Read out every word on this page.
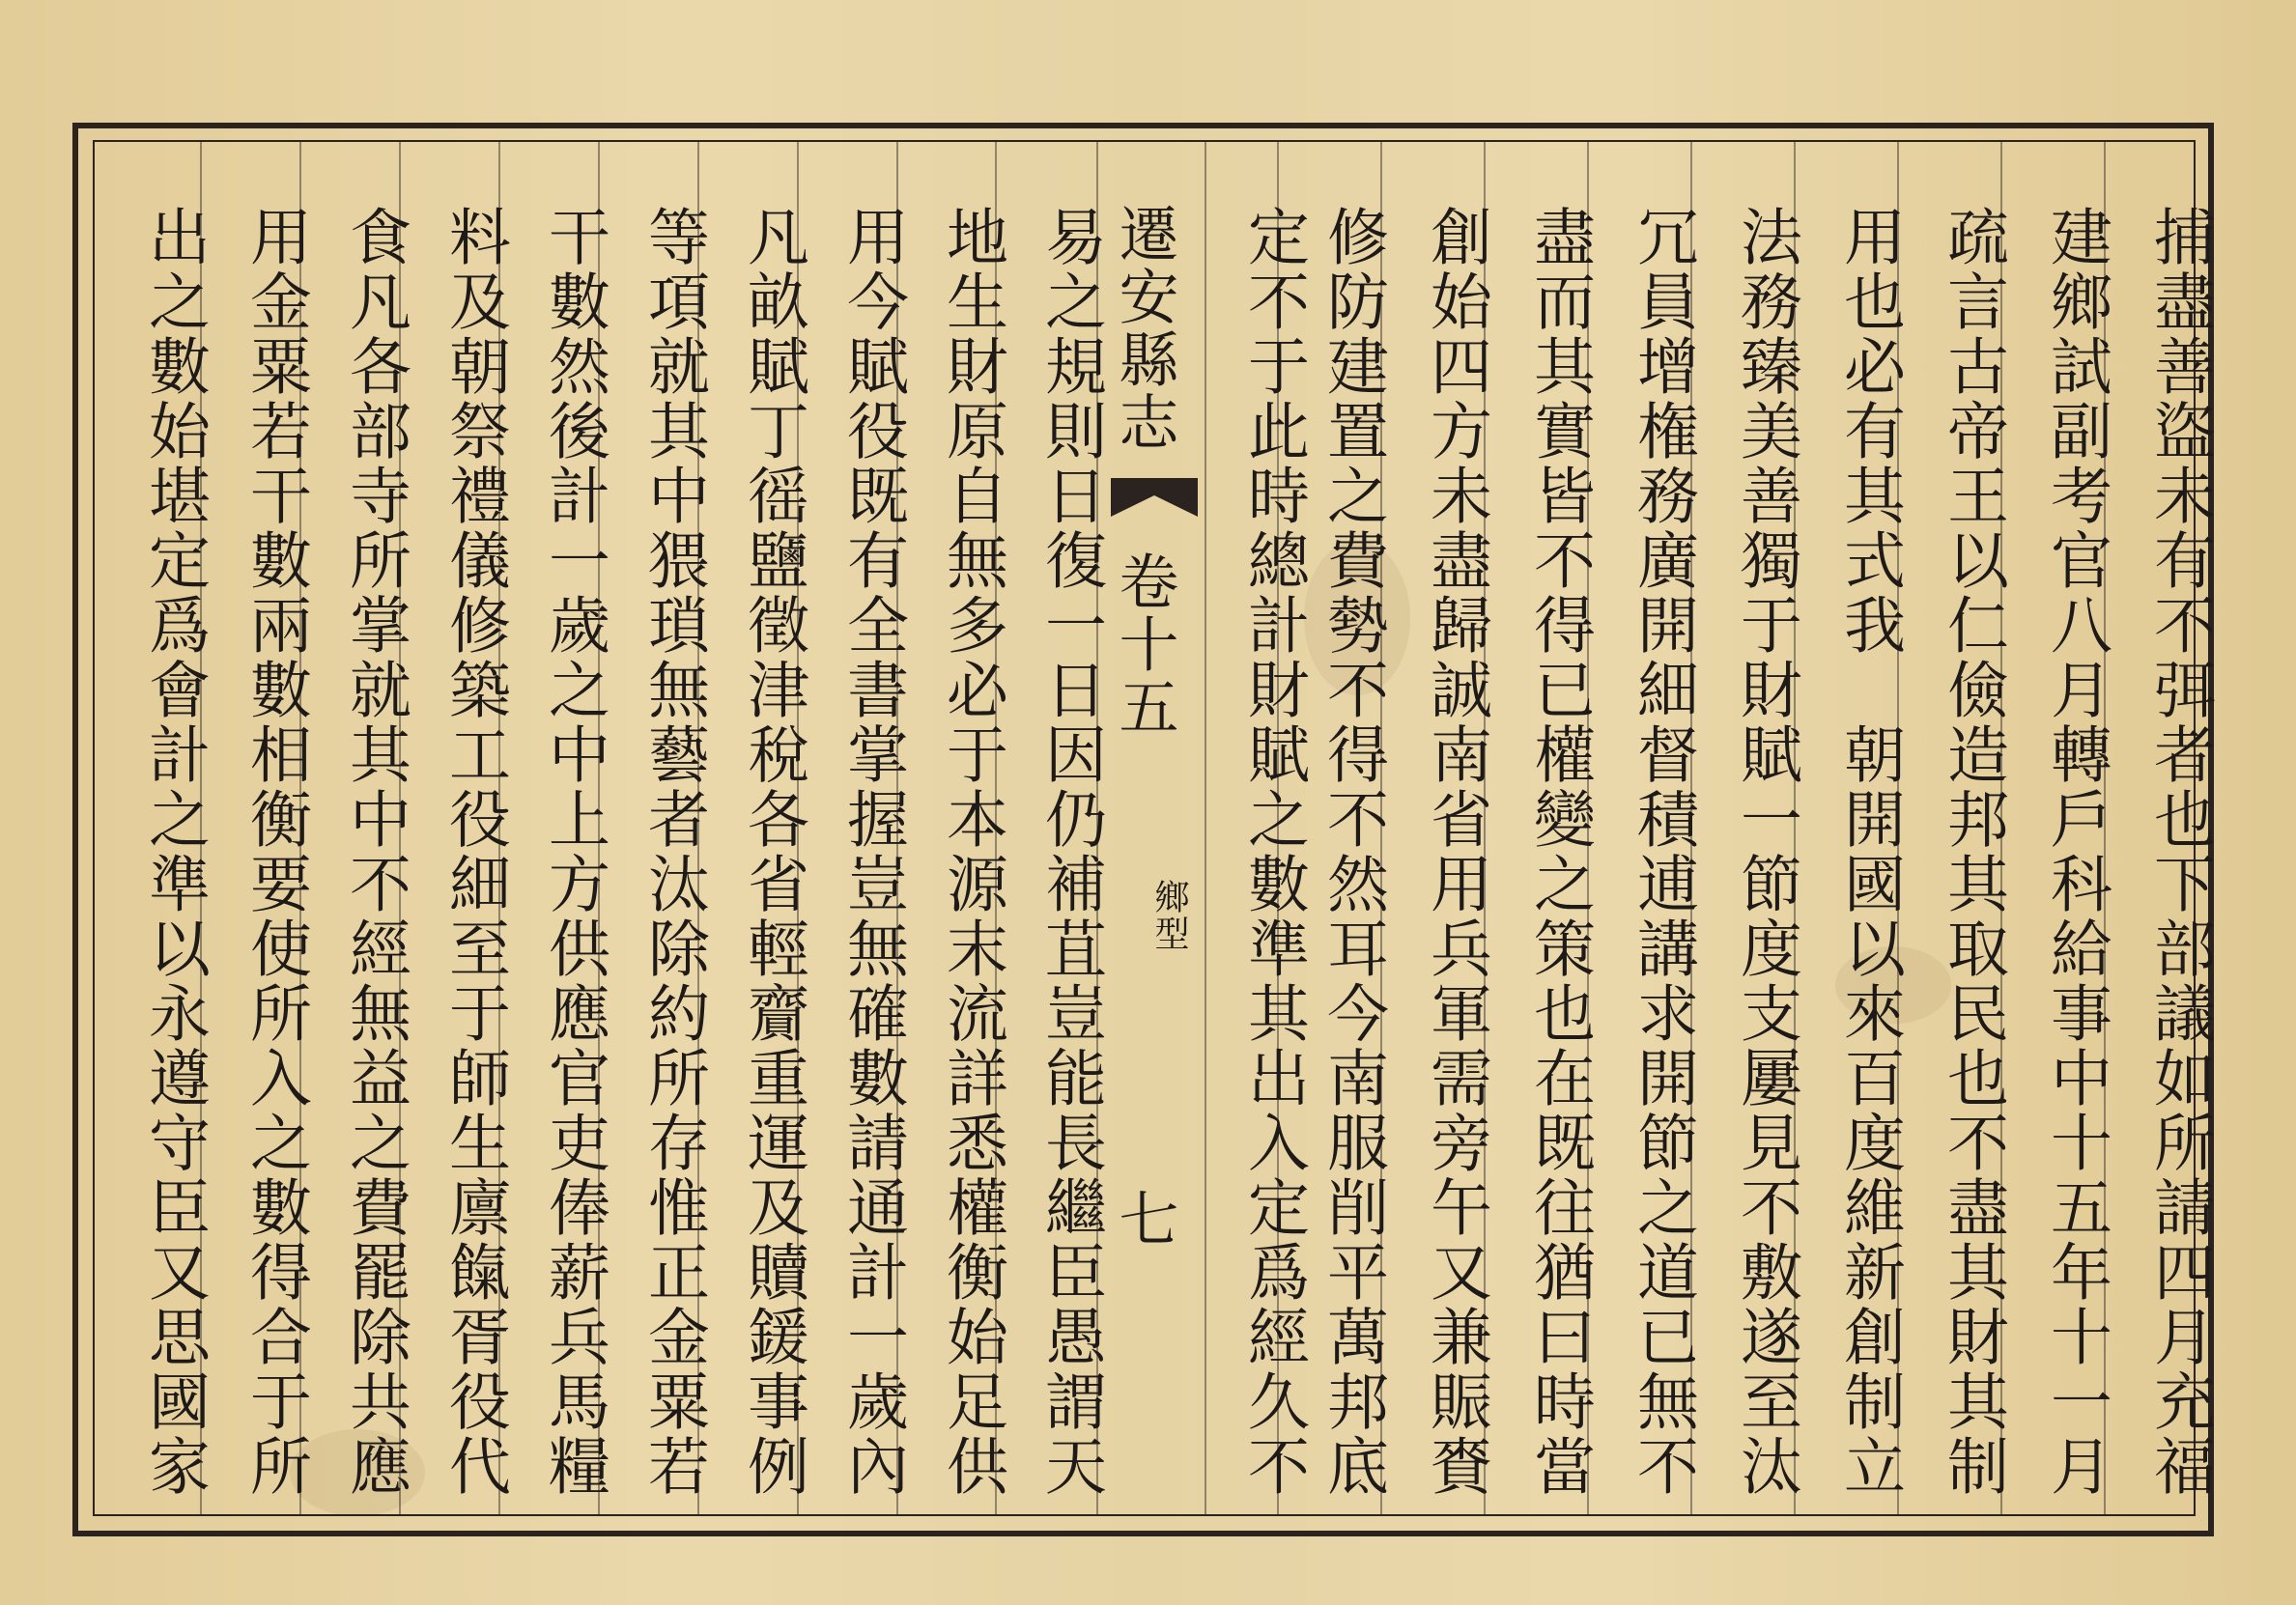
捕盡善盜未有不弭者也下部議如所請四月充福
建鄉試副考官八月轉戶科給事中十五年十一月
疏言古帝王以仁儉造邦其取民也不盡其財其制
用也必有其式我　朝開國以來百度維新創制立
法務臻美善獨于財賦一節度支屢見不敷遂至汰
冗員增権務廣開細督積逋講求開節之道已無不
盡而其實皆不得已權變之策也在既往猶曰時當
創始四方未盡歸誠南省用兵軍需旁午又兼賑賚
修防建置之費勢不得不然耳今南服削平萬邦底
定不于此時總計財賦之數準其出入定爲經久不
遷安縣志
卷十五
鄉型
七
易之規則日復一日因仍補苴豈能長繼臣愚謂天
地生財原自無多必于本源末流詳悉權衡始足供
用今賦役既有全書掌握豈無確數請通計一歲內
凡畝賦丁徭鹽徵津稅各省輕齎重運及贖鍰事例
等項就其中猥瑣無藝者汰除約所存惟正金粟若
干數然後計一歲之中上方供應官吏俸薪兵馬糧
料及朝祭禮儀修築工役細至于師生廪餼胥役代
食凡各部寺所掌就其中不經無益之費罷除共應
用金粟若干數兩數相衡要使所入之數得合于所
出之數始堪定爲會計之準以永遵守臣又思國家
